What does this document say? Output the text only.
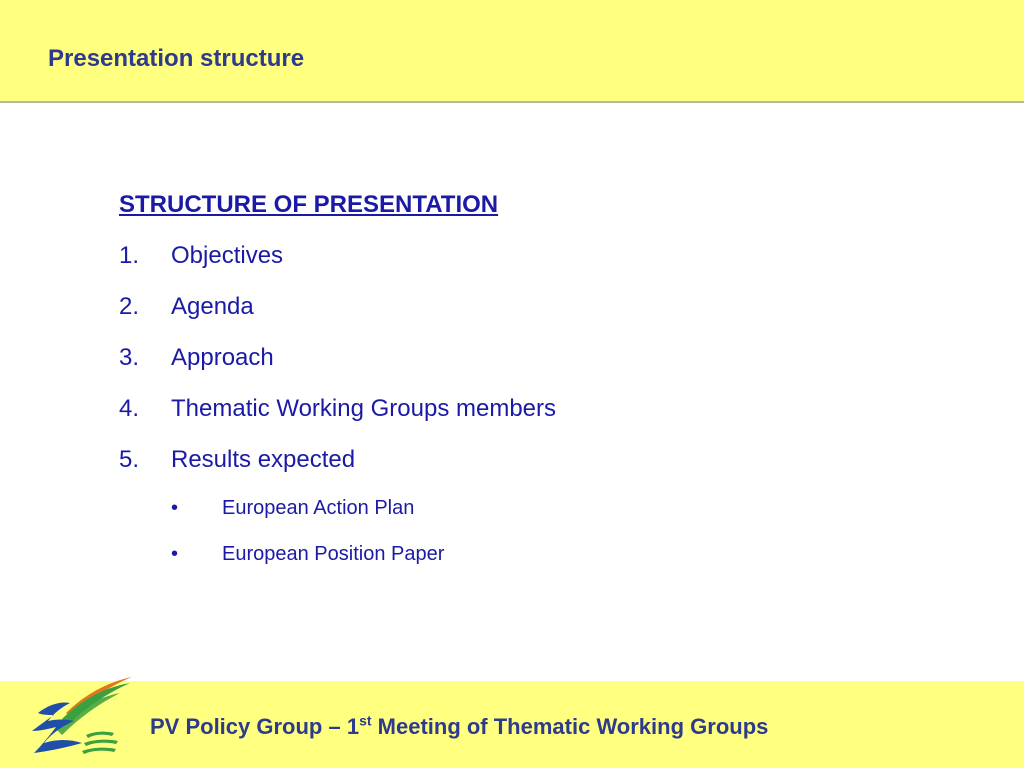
Presentation structure
STRUCTURE OF PRESENTATION
1. Objectives
2. Agenda
3. Approach
4. Thematic Working Groups members
5. Results expected
• European Action Plan
• European Position Paper
PV Policy Group – 1st Meeting of Thematic Working Groups
